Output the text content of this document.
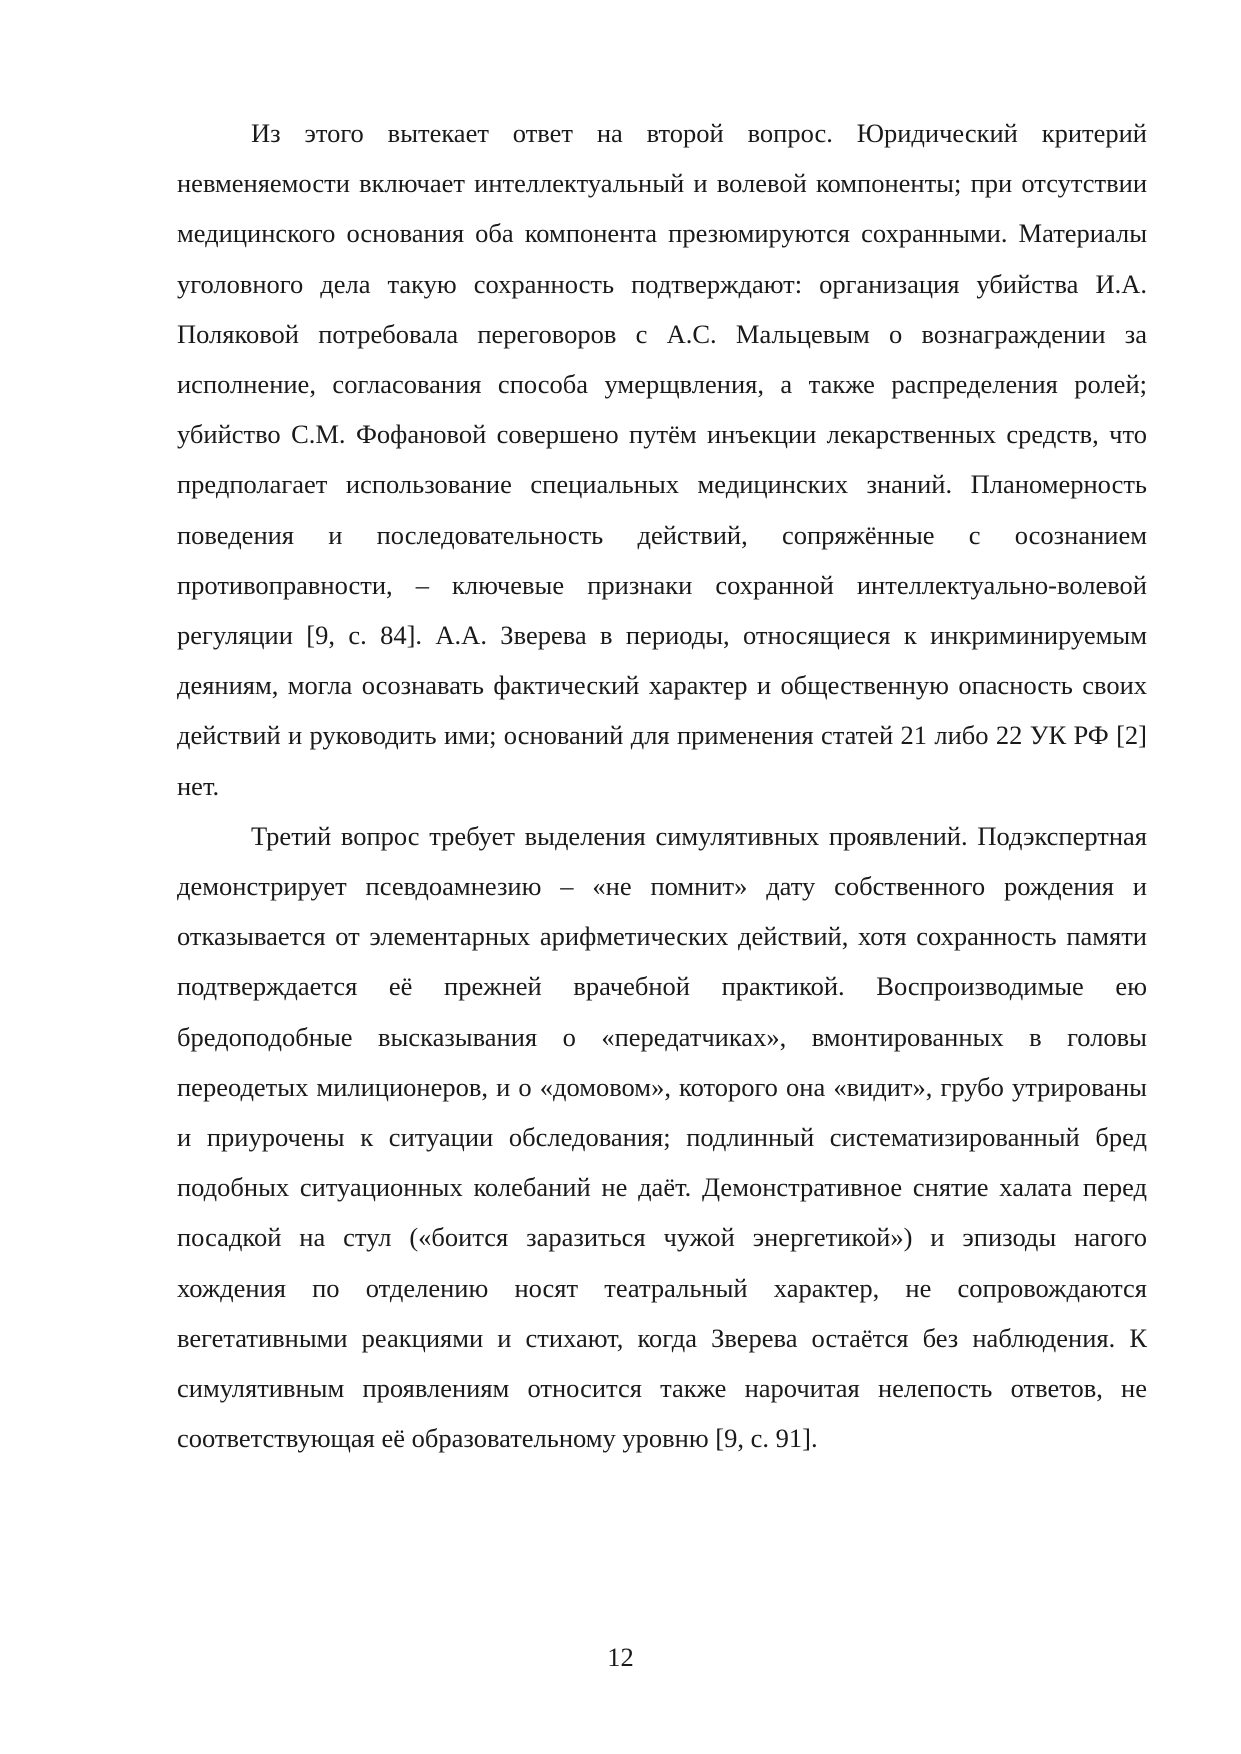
Из этого вытекает ответ на второй вопрос. Юридический критерий невменяемости включает интеллектуальный и волевой компоненты; при отсутствии медицинского основания оба компонента презюмируются сохранными. Материалы уголовного дела такую сохранность подтверждают: организация убийства И.А. Поляковой потребовала переговоров с А.С. Мальцевым о вознаграждении за исполнение, согласования способа умерщвления, а также распределения ролей; убийство С.М. Фофановой совершено путём инъекции лекарственных средств, что предполагает использование специальных медицинских знаний. Планомерность поведения и последовательность действий, сопряжённые с осознанием противоправности, – ключевые признаки сохранной интеллектуально-волевой регуляции [9, с. 84]. А.А. Зверева в периоды, относящиеся к инкриминируемым деяниям, могла осознавать фактический характер и общественную опасность своих действий и руководить ими; оснований для применения статей 21 либо 22 УК РФ [2] нет.

Третий вопрос требует выделения симулятивных проявлений. Подэкспертная демонстрирует псевдоамнезию – «не помнит» дату собственного рождения и отказывается от элементарных арифметических действий, хотя сохранность памяти подтверждается её прежней врачебной практикой. Воспроизводимые ею бредоподобные высказывания о «передатчиках», вмонтированных в головы переодетых милиционеров, и о «домовом», которого она «видит», грубо утрированы и приурочены к ситуации обследования; подлинный систематизированный бред подобных ситуационных колебаний не даёт. Демонстративное снятие халата перед посадкой на стул («боится заразиться чужой энергетикой») и эпизоды нагого хождения по отделению носят театральный характер, не сопровождаются вегетативными реакциями и стихают, когда Зверева остаётся без наблюдения. К симулятивным проявлениям относится также нарочитая нелепость ответов, не соответствующая её образовательному уровню [9, с. 91].

12
